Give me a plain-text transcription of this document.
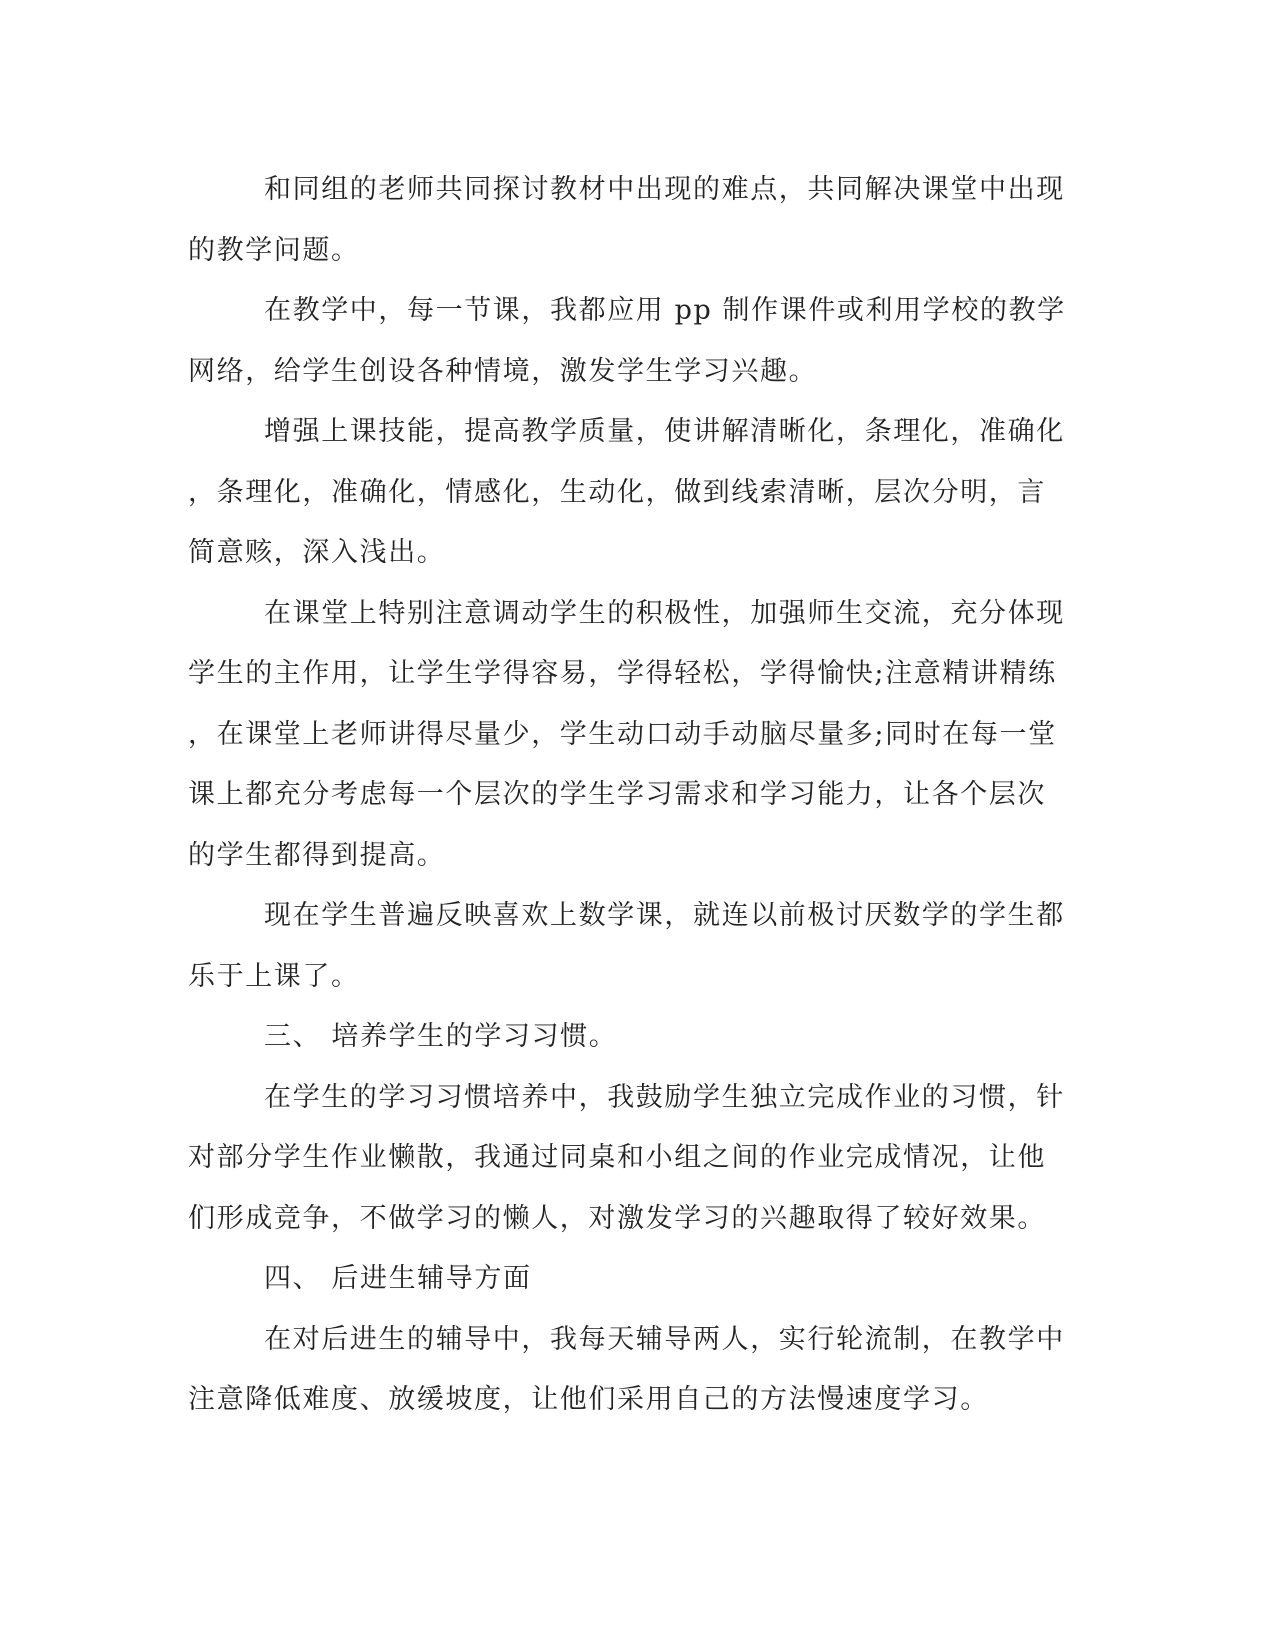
和同组的老师共同探讨教材中出现的难点，共同解决课堂中出现
的教学问题。
在教学中，每一节课，我都应用 pp 制作课件或利用学校的教学
网络，给学生创设各种情境，激发学生学习兴趣。
增强上课技能，提高教学质量，使讲解清晰化，条理化，准确化
，条理化，准确化，情感化，生动化，做到线索清晰，层次分明，言
简意赅，深入浅出。
在课堂上特别注意调动学生的积极性，加强师生交流，充分体现
学生的主作用，让学生学得容易，学得轻松，学得愉快;注意精讲精练
，在课堂上老师讲得尽量少，学生动口动手动脑尽量多;同时在每一堂
课上都充分考虑每一个层次的学生学习需求和学习能力，让各个层次
的学生都得到提高。
现在学生普遍反映喜欢上数学课，就连以前极讨厌数学的学生都
乐于上课了。
三、 培养学生的学习习惯。
在学生的学习习惯培养中，我鼓励学生独立完成作业的习惯，针
对部分学生作业懒散，我通过同桌和小组之间的作业完成情况，让他
们形成竞争，不做学习的懒人，对激发学习的兴趣取得了较好效果。
四、 后进生辅导方面
在对后进生的辅导中，我每天辅导两人，实行轮流制，在教学中
注意降低难度、放缓坡度，让他们采用自己的方法慢速度学习。
